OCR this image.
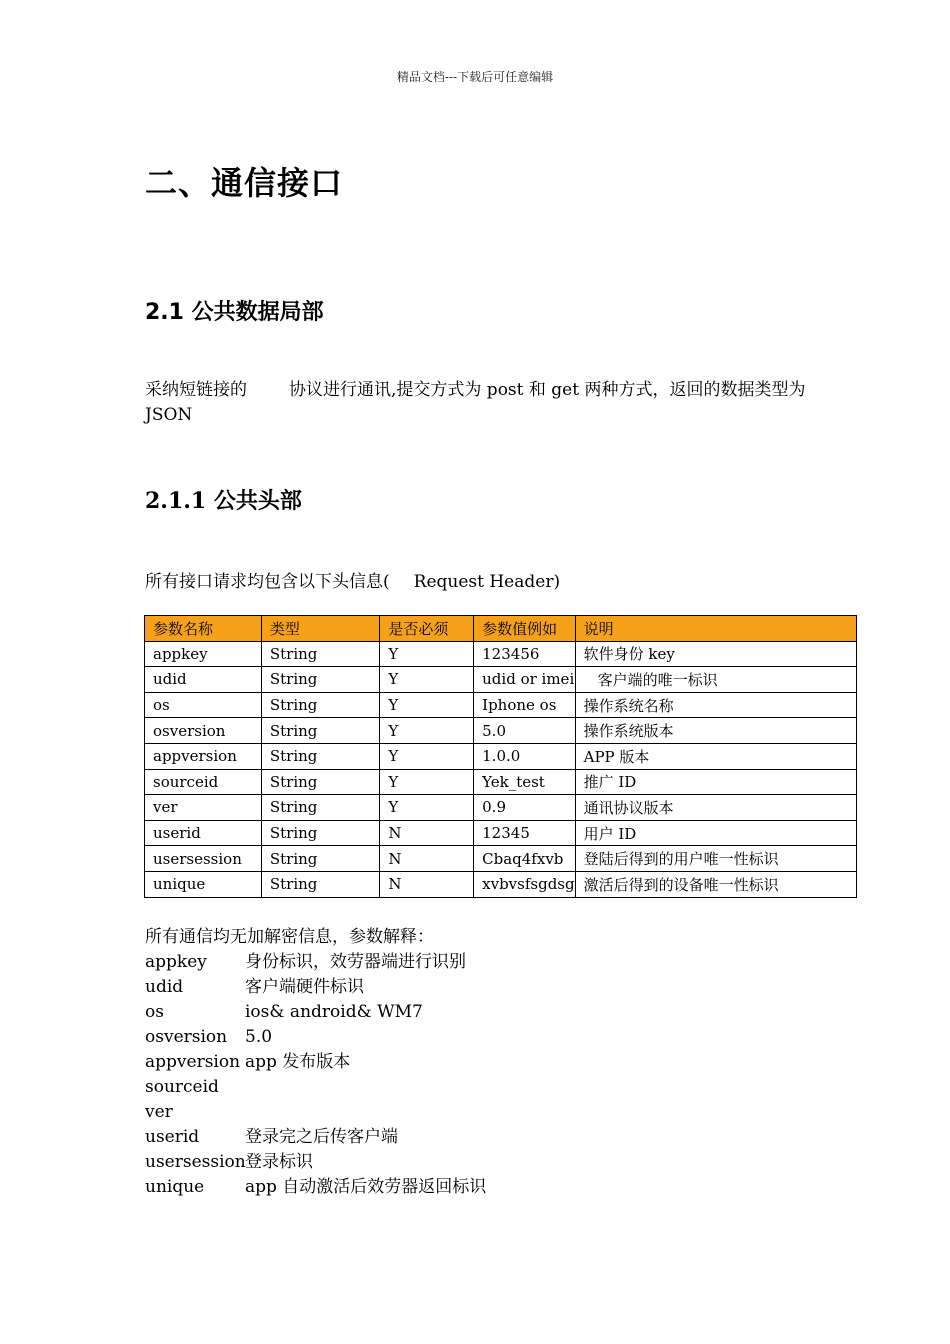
精品文档---下载后可任意编辑
二、通信接口
2.1 公共数据局部
采纳短链接的 协议进行通讯,提交方式为 post 和 get 两种方式，返回的数据类型为 JSON
2.1.1 公共头部
所有接口请求均包含以下头信息( Request Header)
参数名称	类型	是否必须	参数值例如	说明
appkey	String	Y	123456	软件身份 key
udid	String	Y	udid or imei	客户端的唯一标识
os	String	Y	Iphone os	操作系统名称
osversion	String	Y	5.0	操作系统版本
appversion	String	Y	1.0.0	APP 版本
sourceid	String	Y	Yek_test	推广 ID
ver	String	Y	0.9	通讯协议版本
userid	String	N	12345	用户 ID
usersession	String	N	Cbaq4fxvb	登陆后得到的用户唯一性标识
unique	String	N	xvbvsfsgdsg	激活后得到的设备唯一性标识
所有通信均无加解密信息，参数解释：
appkey	身份标识，效劳器端进行识别
udid	客户端硬件标识
os	ios& android& WM7
osversion	5.0
appversion app 发布版本
sourceid
ver
userid	登录完之后传客户端
usersession 登录标识
unique	app 自动激活后效劳器返回标识
